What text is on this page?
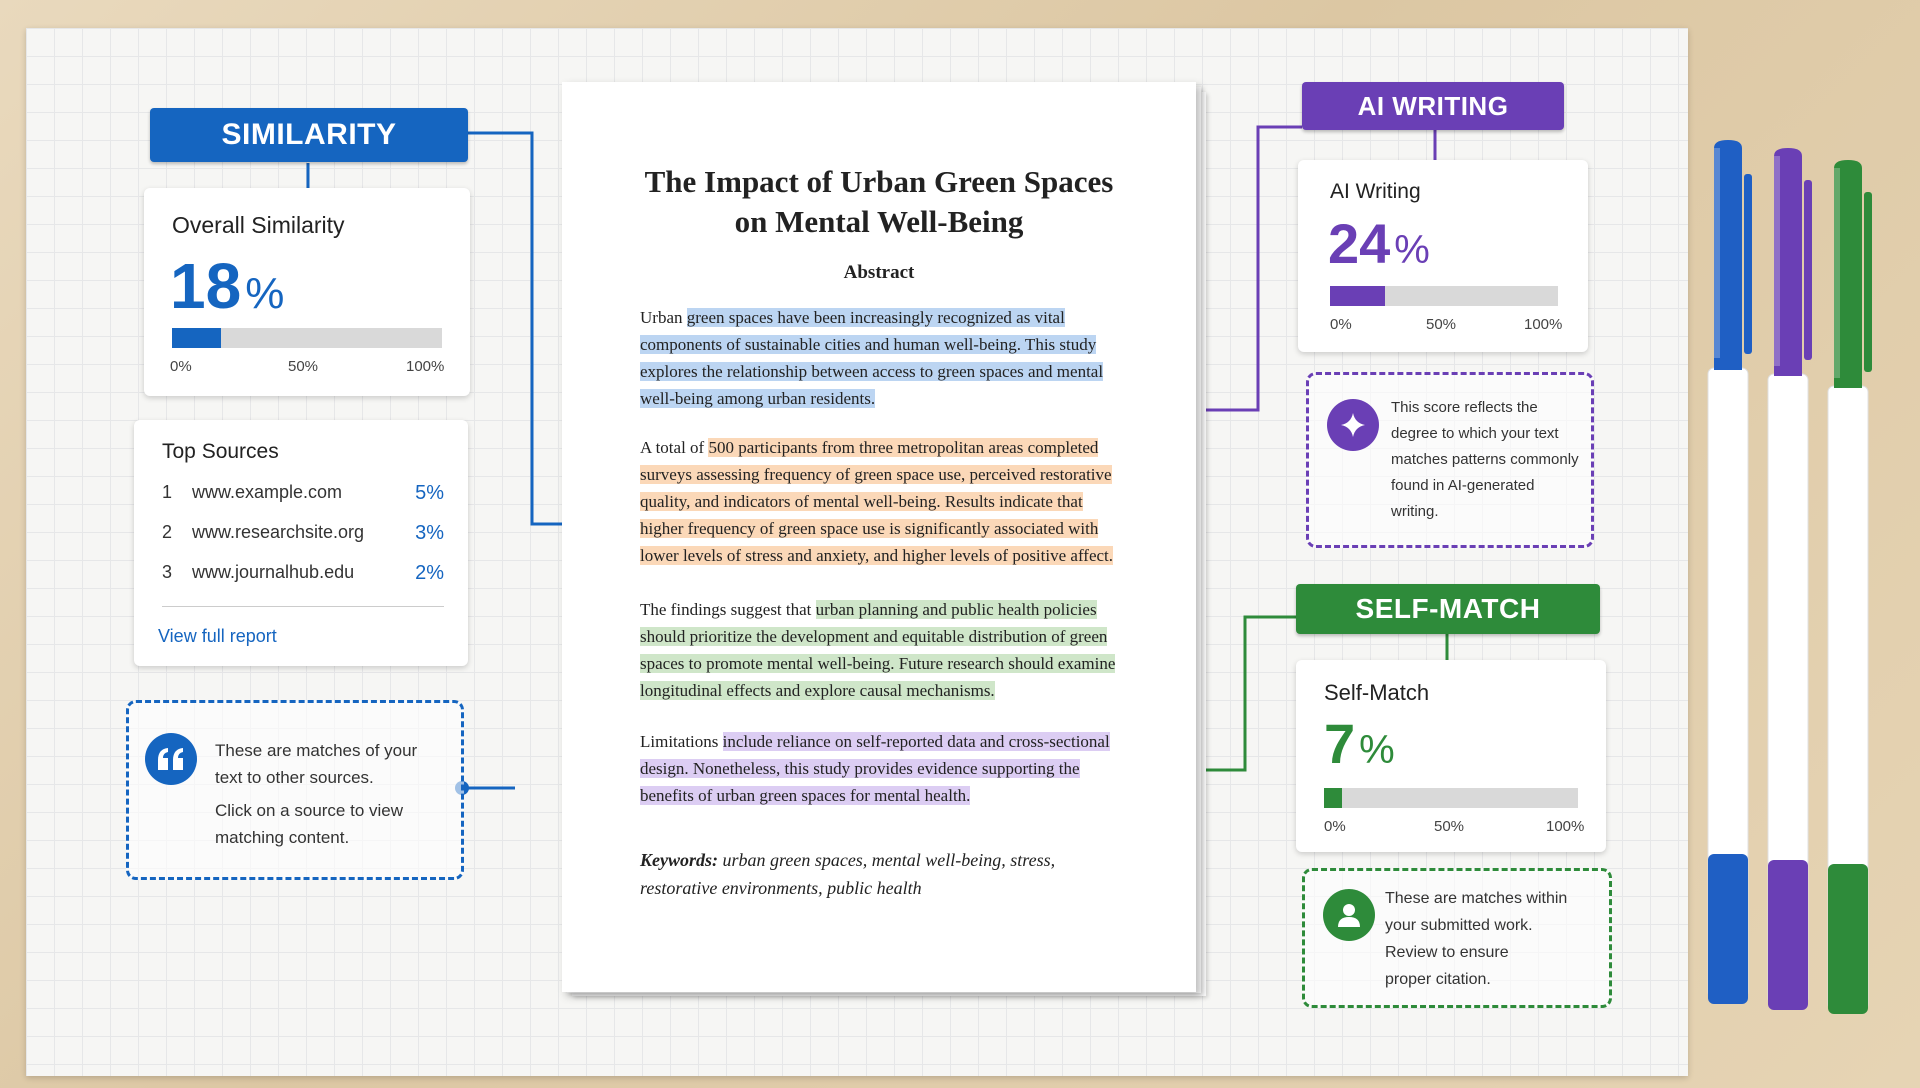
SIMILARITY
Overall Similarity
18%
0%	50%	100%
Top Sources
1 www.example.com	5%
2 www.researchsite.org	3%
3 www.journalhub.edu	2%
View full report
These are matches of your
text to other sources.
Click on a source to view
matching content.
The Impact of Urban Green Spaces
on Mental Well-Being
Abstract
Urban green spaces have been increasingly recognized as vital components of sustainable cities and human well-being. This study explores the relationship between access to green spaces and mental well-being among urban residents.
A total of 500 participants from three metropolitan areas completed surveys assessing frequency of green space use, perceived restorative quality, and indicators of mental well-being. Results indicate that higher frequency of green space use is significantly associated with lower levels of stress and anxiety, and higher levels of positive affect.
The findings suggest that urban planning and public health policies should prioritize the development and equitable distribution of green spaces to promote mental well-being. Future research should examine longitudinal effects and explore causal mechanisms.
Limitations include reliance on self-reported data and cross-sectional design. Nonetheless, this study provides evidence supporting the benefits of urban green spaces for mental health.
Keywords: urban green spaces, mental well-being, stress, restorative environments, public health
AI WRITING
AI Writing
24 %
0%	50%	100%
This score reflects the
degree to which your text
matches patterns commonly
found in AI-generated
writing.
SELF-MATCH
Self-Match
7 %
0%	50%	100%
These are matches within
your submitted work.
Review to ensure
proper citation.
